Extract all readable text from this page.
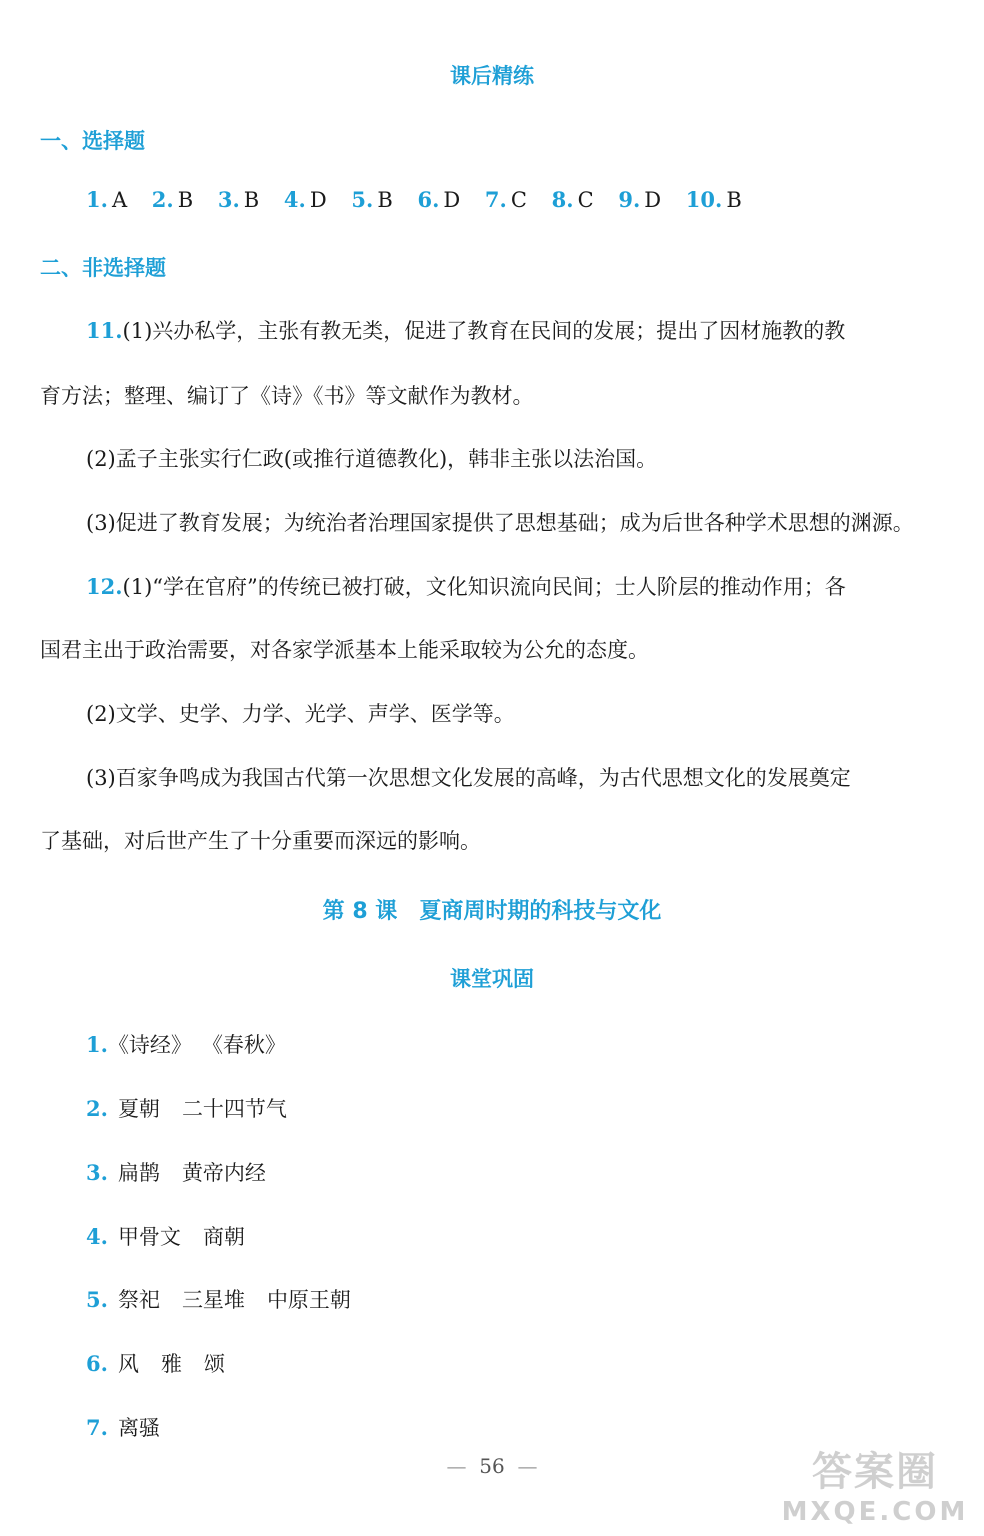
课后精练
一、选择题
1. A 2. B 3. B 4. D 5. B 6. D 7. C 8. C 9. D 10. B
二、非选择题
11.(1)兴办私学，主张有教无类，促进了教育在民间的发展；提出了因材施教的教
育方法；整理、编订了《诗》《书》等文献作为教材。
(2)孟子主张实行仁政(或推行道德教化)，韩非主张以法治国。
(3)促进了教育发展；为统治者治理国家提供了思想基础；成为后世各种学术思想的渊源。
12.(1)“学在官府”的传统已被打破，文化知识流向民间；士人阶层的推动作用；各
国君主出于政治需要，对各家学派基本上能采取较为公允的态度。
(2)文学、史学、力学、光学、声学、医学等。
(3)百家争鸣成为我国古代第一次思想文化发展的高峰，为古代思想文化的发展奠定
了基础，对后世产生了十分重要而深远的影响。
第 8 课 夏商周时期的科技与文化
课堂巩固
1.《诗经》 《春秋》
2. 夏朝 二十四节气
3. 扁鹊 黄帝内经
4. 甲骨文 商朝
5. 祭祀 三星堆 中原王朝
6. 风 雅 颂
7. 离骚
— 56 —	答案圈
MXQE.COM
